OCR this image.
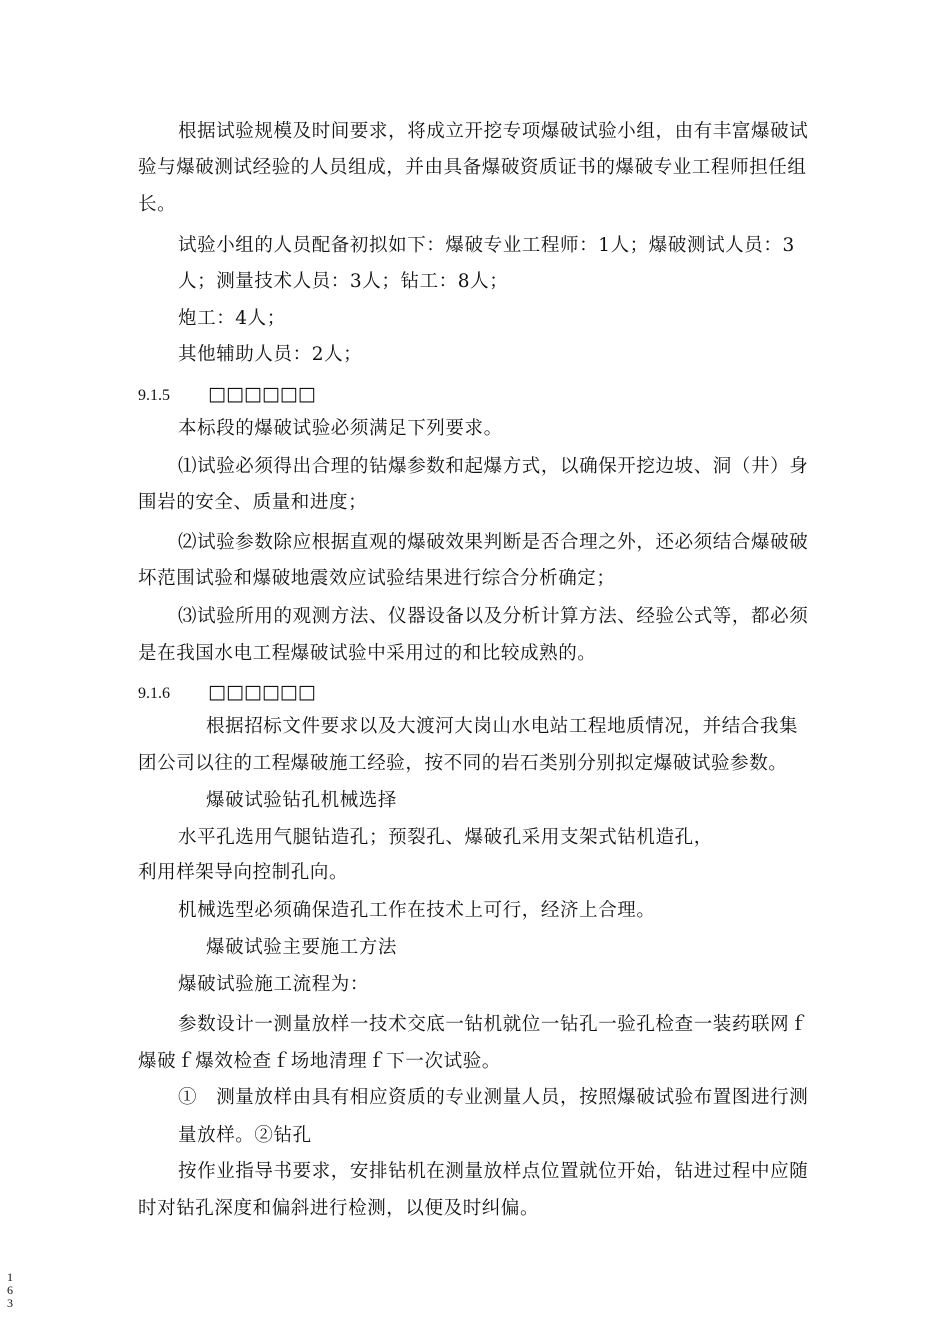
根据试验规模及时间要求，将成立开挖专项爆破试验小组，由有丰富爆破试
验与爆破测试经验的人员组成，并由具备爆破资质证书的爆破专业工程师担任组
长。
试验小组的人员配备初拟如下：爆破专业工程师：1人；爆破测试人员：3
人；测量技术人员：3人；钻工：8人；
炮工：4人；
其他辅助人员：2人；
9.1.5 □□□□□□
本标段的爆破试验必须满足下列要求。
⑴试验必须得出合理的钻爆参数和起爆方式，以确保开挖边坡、洞（井）身
围岩的安全、质量和进度；
⑵试验参数除应根据直观的爆破效果判断是否合理之外，还必须结合爆破破
坏范围试验和爆破地震效应试验结果进行综合分析确定；
⑶试验所用的观测方法、仪器设备以及分析计算方法、经验公式等，都必须
是在我国水电工程爆破试验中采用过的和比较成熟的。
9.1.6 □□□□□□
根据招标文件要求以及大渡河大岗山水电站工程地质情况，并结合我集
团公司以往的工程爆破施工经验，按不同的岩石类别分别拟定爆破试验参数。
爆破试验钻孔机械选择
水平孔选用气腿钻造孔；预裂孔、爆破孔采用支架式钻机造孔，
利用样架导向控制孔向。
机械选型必须确保造孔工作在技术上可行，经济上合理。
爆破试验主要施工方法
爆破试验施工流程为：
参数设计一测量放样一技术交底一钻机就位一钻孔一验孔检查一装药联网ｆ
爆破ｆ爆效检查ｆ场地清理ｆ下一次试验。
①　测量放样由具有相应资质的专业测量人员，按照爆破试验布置图进行测
量放样。②钻孔
按作业指导书要求，安排钻机在测量放样点位置就位开始，钻进过程中应随
时对钻孔深度和偏斜进行检测，以便及时纠偏。
1
6
3
